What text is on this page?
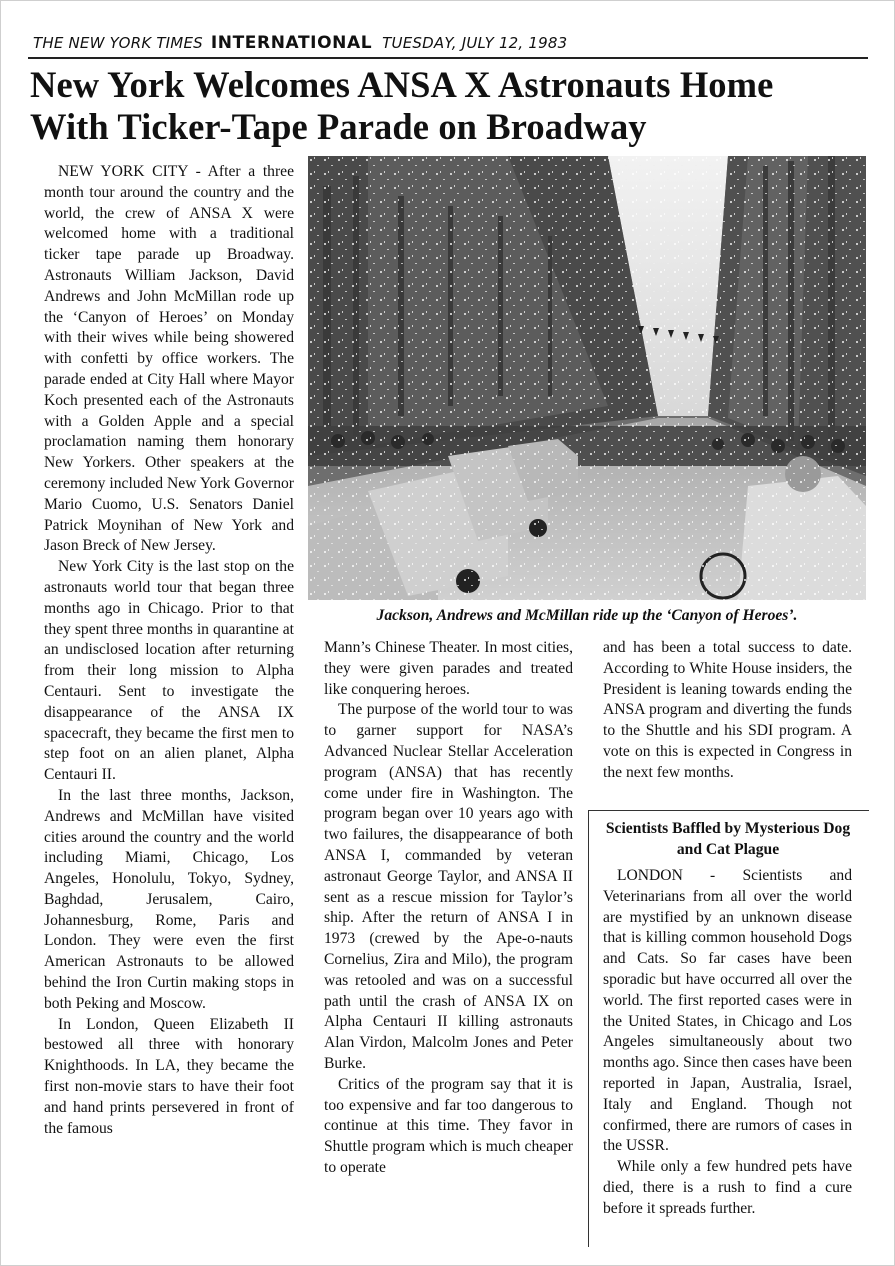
THE NEW YORK TIMES INTERNATIONAL TUESDAY, JULY 12, 1983
New York Welcomes ANSA X Astronauts Home
With Ticker-Tape Parade on Broadway

NEW YORK CITY - After a three month tour around the country and the world, the crew of ANSA X were welcomed home with a traditional ticker tape parade up Broadway. Astronauts William Jackson, David Andrews and John McMillan rode up the ‘Canyon of Heroes’ on Monday with their wives while being showered with confetti by office workers. The parade ended at City Hall where Mayor Koch presented each of the Astronauts with a Golden Apple and a special proclamation naming them honorary New Yorkers. Other speakers at the ceremony included New York Governor Mario Cuomo, U.S. Senators Daniel Patrick Moynihan of New York and Jason Breck of New Jersey.

New York City is the last stop on the astronauts world tour that began three months ago in Chicago. Prior to that they spent three months in quarantine at an undisclosed location after returning from their long mission to Alpha Centauri. Sent to investigate the disappearance of the ANSA IX spacecraft, they became the first men to step foot on an alien planet, Alpha Centauri II.

In the last three months, Jackson, Andrews and McMillan have visited cities around the country and the world including Miami, Chicago, Los Angeles, Honolulu, Tokyo, Sydney, Baghdad, Jerusalem, Cairo, Johannesburg, Rome, Paris and London. They were even the first American Astronauts to be allowed behind the Iron Curtin making stops in both Peking and Moscow.

In London, Queen Elizabeth II bestowed all three with honorary Knighthoods. In LA, they became the first non-movie stars to have their foot and hand prints persevered in front of the famous

Jackson, Andrews and McMillan ride up the ‘Canyon of Heroes’.

Mann’s Chinese Theater. In most cities, they were given parades and treated like conquering heroes.

The purpose of the world tour to was to garner support for NASA’s Advanced Nuclear Stellar Acceleration program (ANSA) that has recently come under fire in Washington. The program began over 10 years ago with two failures, the disappearance of both ANSA I, commanded by veteran astronaut George Taylor, and ANSA II sent as a rescue mission for Taylor’s ship. After the return of ANSA I in 1973 (crewed by the Ape-o-nauts Cornelius, Zira and Milo), the program was retooled and was on a successful path until the crash of ANSA IX on Alpha Centauri II killing astronauts Alan Virdon, Malcolm Jones and Peter Burke.

Critics of the program say that it is too expensive and far too dangerous to continue at this time. They favor in Shuttle program which is much cheaper to operate

and has been a total success to date. According to White House insiders, the President is leaning towards ending the ANSA program and diverting the funds to the Shuttle and his SDI program. A vote on this is expected in Congress in the next few months.

Scientists Baffled by Mysterious Dog and Cat Plague

LONDON - Scientists and Veterinarians from all over the world are mystified by an unknown disease that is killing common household Dogs and Cats. So far cases have been sporadic but have occurred all over the world. The first reported cases were in the United States, in Chicago and Los Angeles simultaneously about two months ago. Since then cases have been reported in Japan, Australia, Israel, Italy and England. Though not confirmed, there are rumors of cases in the USSR.

While only a few hundred pets have died, there is a rush to find a cure before it spreads further.
